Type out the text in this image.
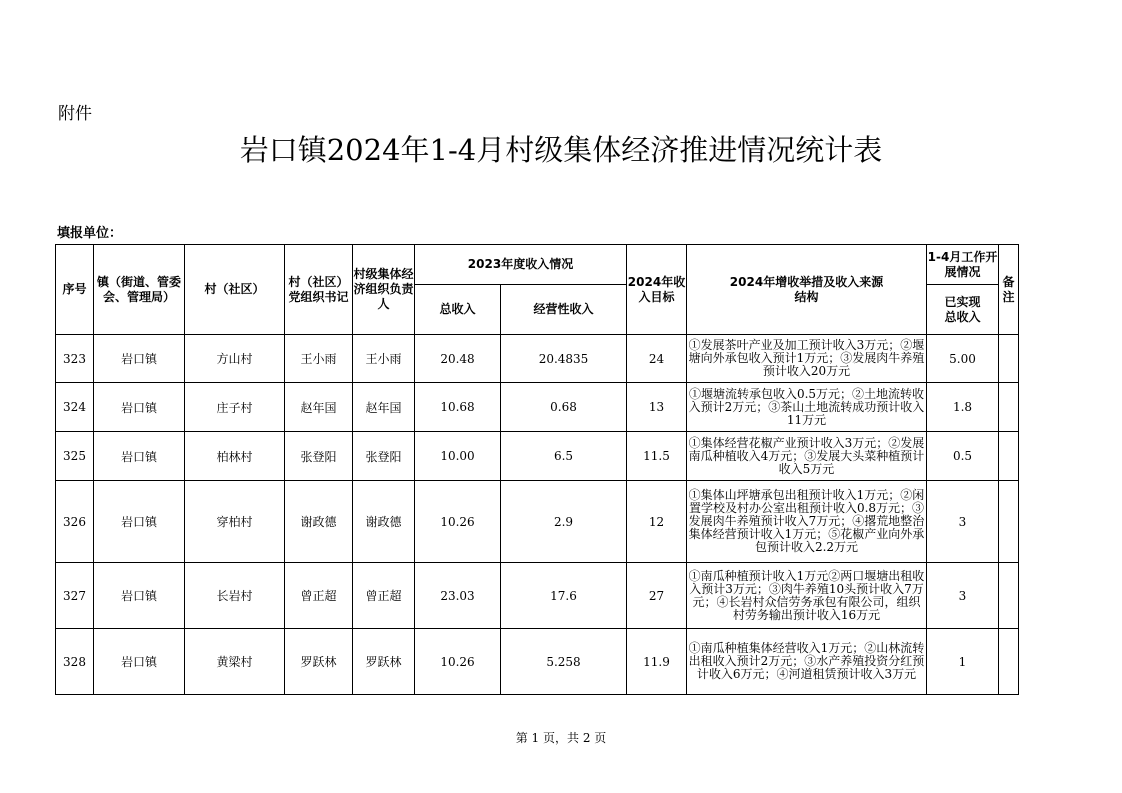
附件
岩口镇2024年1-4月村级集体经济推进情况统计表
填报单位：
序号	镇（街道、管委会、管理局）	村（社区）	村（社区）党组织书记	村级集体经济组织负责人	2023年度收入情况		2024年收入目标	2024年增收举措及收入来源结构	1-4月工作开展情况	备注
					总收入	经营性收入			已实现总收入	
323	岩口镇	方山村	王小雨	王小雨	20.48	20.4835	24	①发展茶叶产业及加工预计收入3万元；②堰塘向外承包收入预计1万元；③发展肉牛养殖预计收入20万元	5.00	
324	岩口镇	庄子村	赵年国	赵年国	10.68	0.68	13	①堰塘流转承包收入0.5万元；②土地流转收入预计2万元；③茶山土地流转成功预计收入11万元	1.8	
325	岩口镇	柏林村	张登阳	张登阳	10.00	6.5	11.5	①集体经营花椒产业预计收入3万元；②发展南瓜种植收入4万元；③发展大头菜种植预计收入5万元	0.5	
326	岩口镇	穿柏村	谢政德	谢政德	10.26	2.9	12	①集体山坪塘承包出租预计收入1万元；②闲置学校及村办公室出租预计收入0.8万元；③发展肉牛养殖预计收入7万元；④撂荒地整治集体经营预计收入1万元；⑤花椒产业向外承包预计收入2.2万元	3	
327	岩口镇	长岩村	曾正超	曾正超	23.03	17.6	27	①南瓜种植预计收入1万元②两口堰塘出租收入预计3万元；③肉牛养殖10头预计收入7万元；④长岩村众信劳务承包有限公司，组织村劳务输出预计收入16万元	3	
328	岩口镇	黄梁村	罗跃林	罗跃林	10.26	5.258	11.9	①南瓜种植集体经营收入1万元；②山林流转出租收入预计2万元；③水产养殖投资分红预计收入6万元；④河道租赁预计收入3万元	1	
第 1 页，共 2 页
